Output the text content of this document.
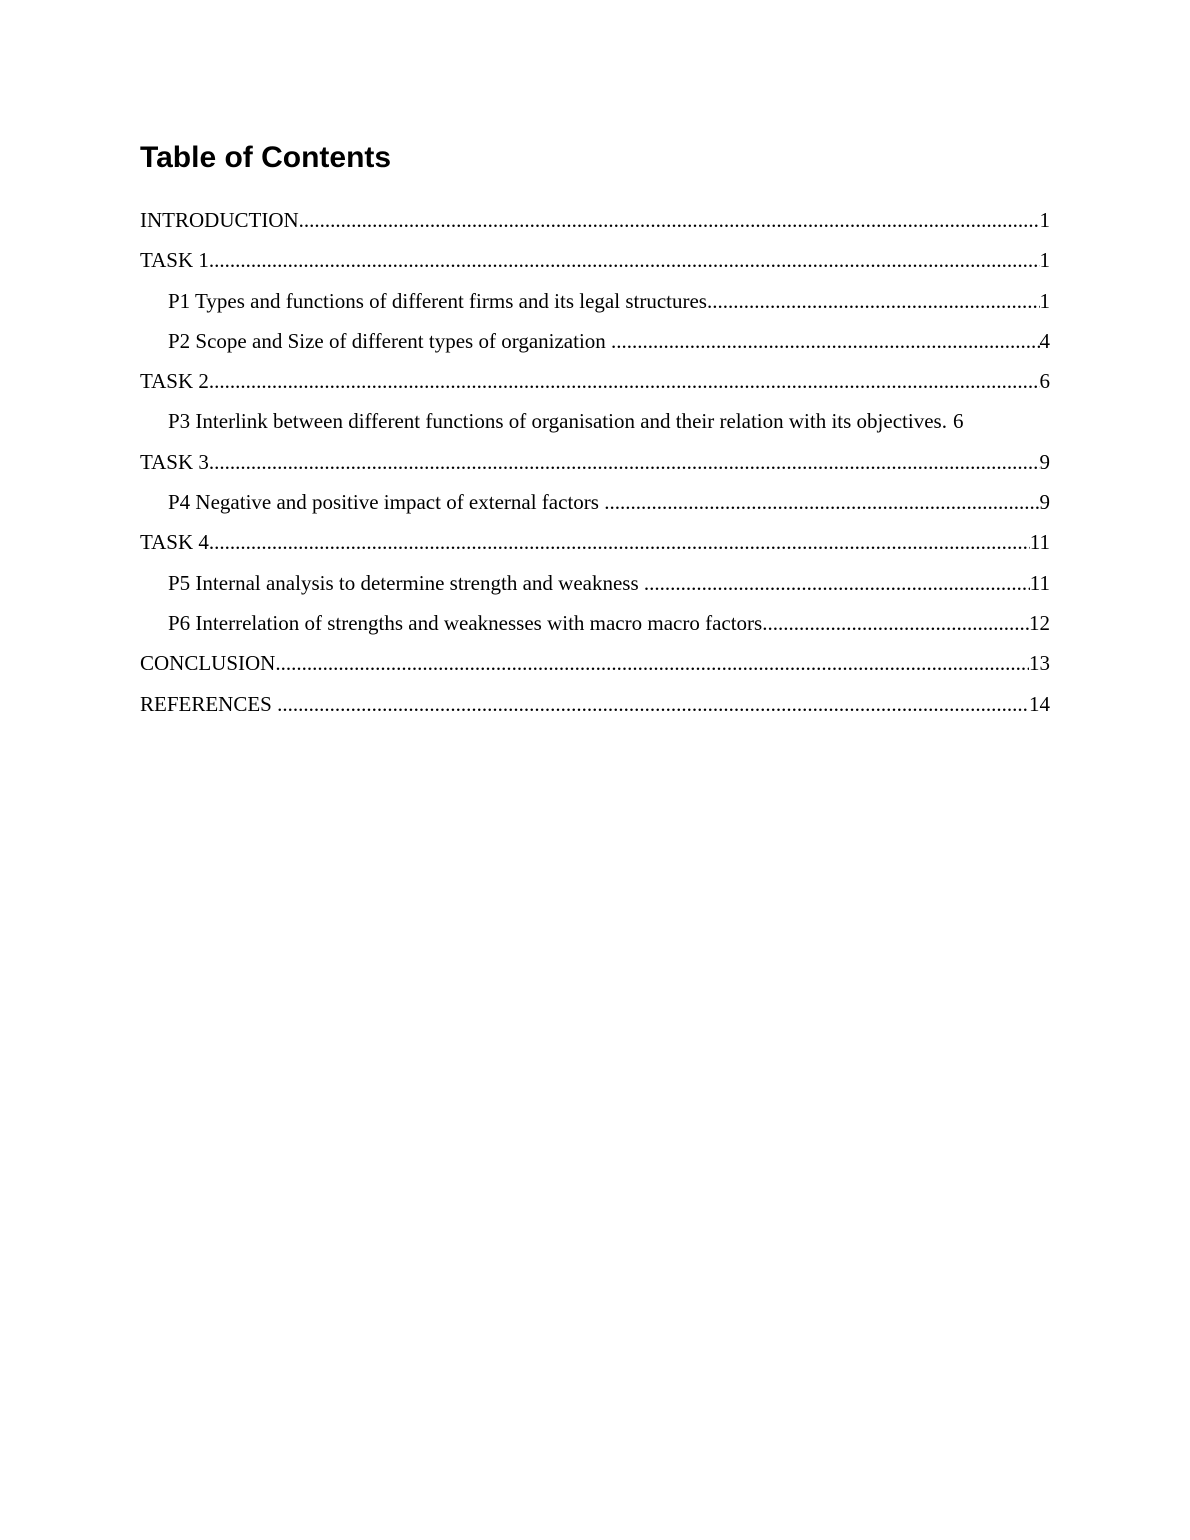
Table of Contents
INTRODUCTION .....	1
TASK 1 .....	1
P1 Types and functions of different firms and its legal structures .....	1
P2 Scope and Size of different types of organization .....	4
TASK 2 .....	6
P3 Interlink between different functions of organisation and their relation with its objectives. 6
TASK 3 .....	9
P4 Negative and positive impact of external factors .....	9
TASK 4 .....	11
P5 Internal analysis to determine strength and weakness .....	11
P6 Interrelation of strengths and weaknesses with macro macro factors .....	12
CONCLUSION .....	13
REFERENCES .....	14
